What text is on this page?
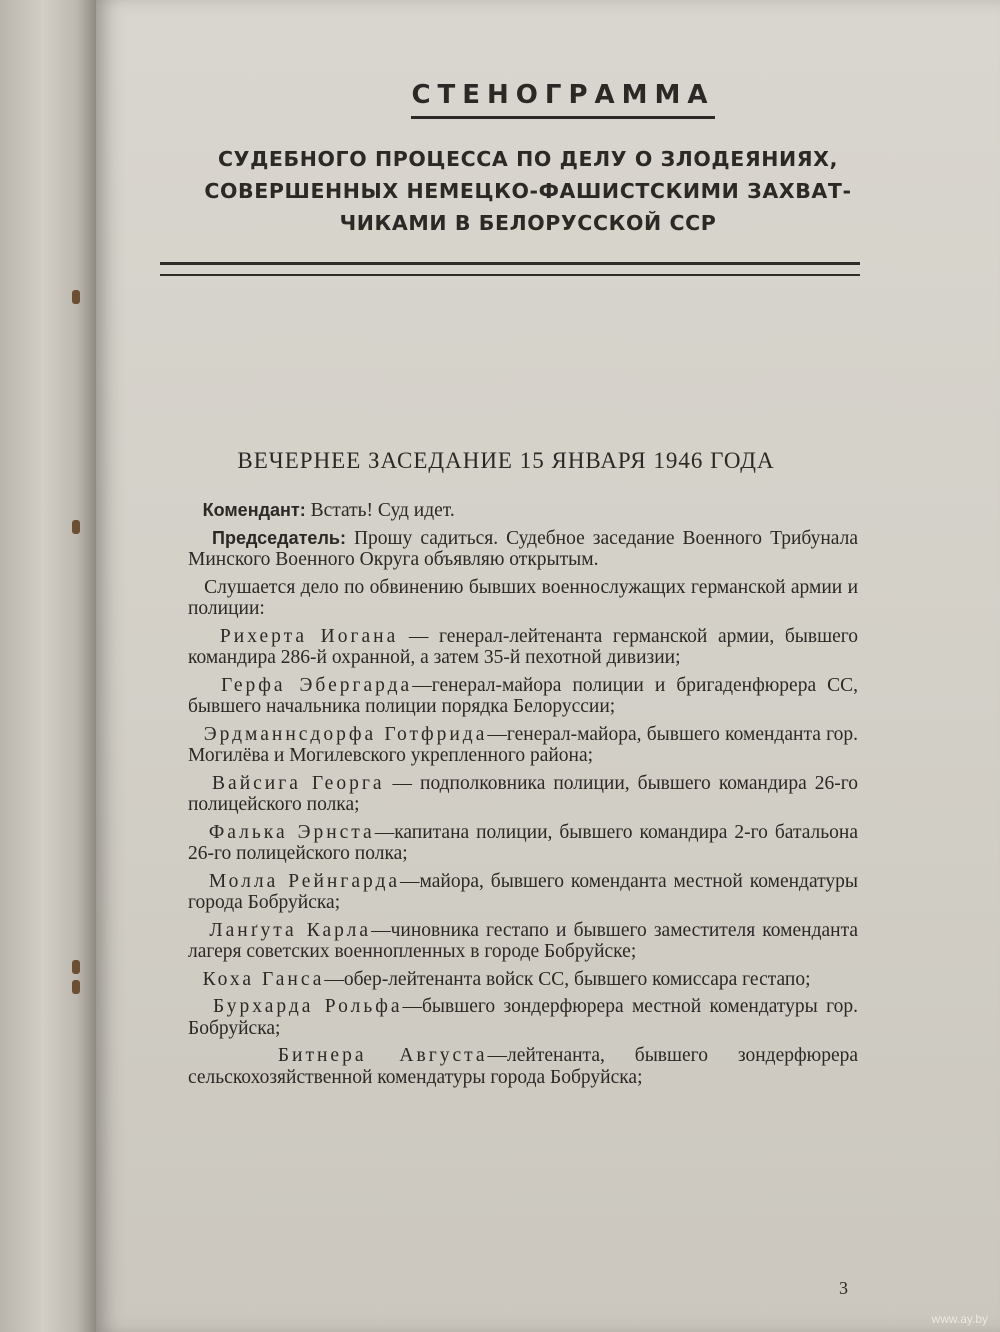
СТЕНОГРАММА
СУДЕБНОГО ПРОЦЕССА ПО ДЕЛУ О ЗЛОДЕЯНИЯХ,
СОВЕРШЕННЫХ НЕМЕЦКО-ФАШИСТСКИМИ ЗАХВАТ-
ЧИКАМИ В БЕЛОРУССКОЙ ССР
ВЕЧЕРНЕЕ ЗАСЕДАНИЕ 15 ЯНВАРЯ 1946 ГОДА

Комендант: Встать! Суд идет.

Председатель: Прошу садиться. Судебное заседание Военного Трибунала Минского Военного Округа объявляю открытым.

Слушается дело по обвинению бывших военнослужащих германской армии и полиции:

Рихерта Иогана — генерал-лейтенанта германской армии, бывшего командира 286-й охранной, а затем 35-й пехотной дивизии;

Герфа Эбергарда—генерал-майора полиции и бригаденфюрера СС, бывшего начальника полиции порядка Белоруссии;

Эрдманнсдорфа Готфрида—генерал-майора, бывшего коменданта гор. Могилёва и Могилевского укрепленного района;

Вайсига Георга — подполковника полиции, бывшего командира 26-го полицейского полка;

Фалька Эрнста—капитана полиции, бывшего командира 2-го батальона 26-го полицейского полка;

Молла Рейнгарда—майора, бывшего коменданта местной комендатуры города Бобруйска;

Ланґута Карла—чиновника гестапо и бывшего заместителя коменданта лагеря советских военнопленных в городе Бобруйске;

Коха Ганса—обер-лейтенанта войск СС, бывшего комиссара гестапо;

Бурхарда Рольфа—бывшего зондерфюрера местной комендатуры гор. Бобруйска;

Битнера Августа—лейтенанта, бывшего зондерфюрера сельскохозяйственной комендатуры города Бобруйска;

3
www.ay.by
